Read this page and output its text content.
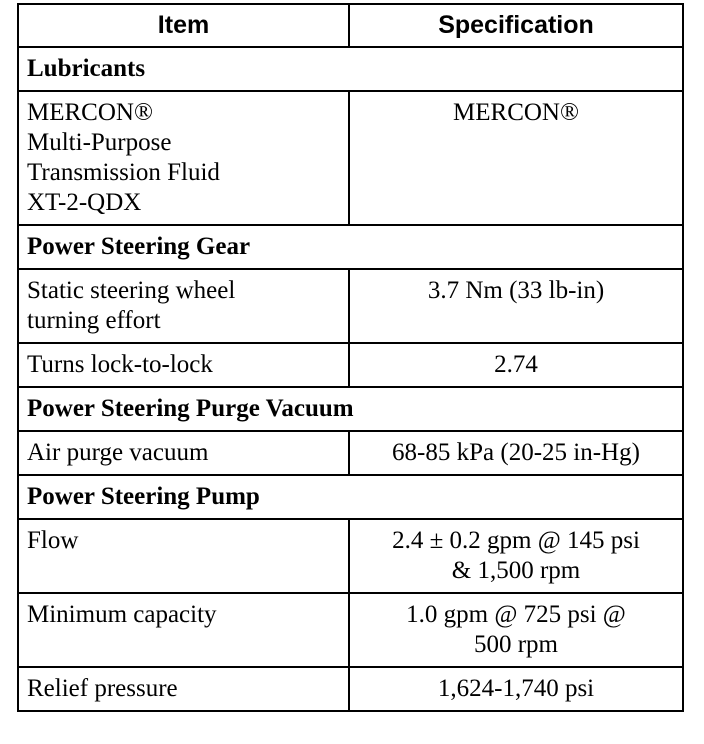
Item	Specification
Lubricants	

MERCON®
Multi-Purpose
Transmission Fluid
XT-2-QDX	MERCON®

Power Steering Gear	

Static steering wheel
turning effort	3.7 Nm (33 lb-in)

Turns lock-to-lock	2.74

Power Steering Purge Vacuum	

Air purge vacuum	68-85 kPa (20-25 in-Hg)

Power Steering Pump	

Flow	2.4 ± 0.2 gpm @ 145 psi
& 1,500 rpm

Minimum capacity	1.0 gpm @ 725 psi @
500 rpm

Relief pressure	1,624-1,740 psi
